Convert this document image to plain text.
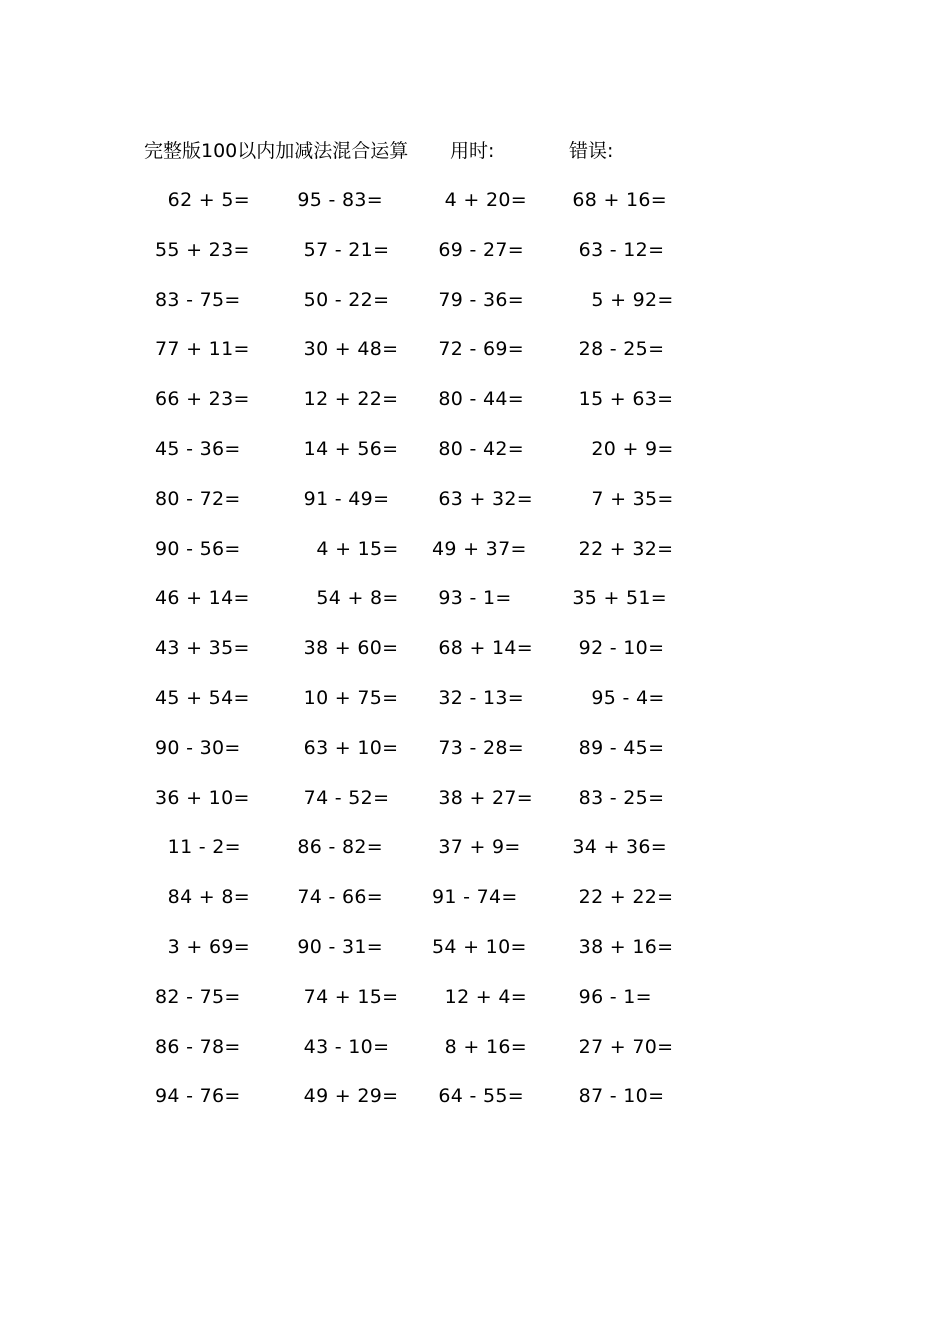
完整版100以内加减法混合运算 用时:	错误:
62 + 5=	95 - 83=	4 + 20=	68 + 16=
55 + 23=	57 - 21=	69 - 27=	63 - 12=
83 - 75=	50 - 22=	79 - 36=	5 + 92=
77 + 11=	30 + 48= 72 - 69=	28 - 25=
66 + 23=	12 + 22= 80 - 44=	15 + 63=
45 - 36=	14 + 56= 80 - 42=	20 + 9=
80 - 72=	91 - 49=	63 + 32=	7 + 35=
90 - 56=	4 + 15= 49 + 37=	22 + 32=
46 + 14=	54 + 8= 93 - 1=	35 + 51=
43 + 35=	38 + 60= 68 + 14=	92 - 10=
45 + 54=	10 + 75= 32 - 13=	95 - 4=
90 - 30=	63 + 10= 73 - 28=	89 - 45=
36 + 10=	74 - 52=	38 + 27=	83 - 25=
11 - 2=	86 - 82=	37 + 9=	34 + 36=
84 + 8=	74 - 66=	91 - 74=	22 + 22=
3 + 69=	90 - 31=	54 + 10=	38 + 16=
82 - 75=	74 + 15= 12 + 4=	96 - 1=
86 - 78=	43 - 10=	8 + 16=	27 + 70=
94 - 76=	49 + 29= 64 - 55=	87 - 10=
